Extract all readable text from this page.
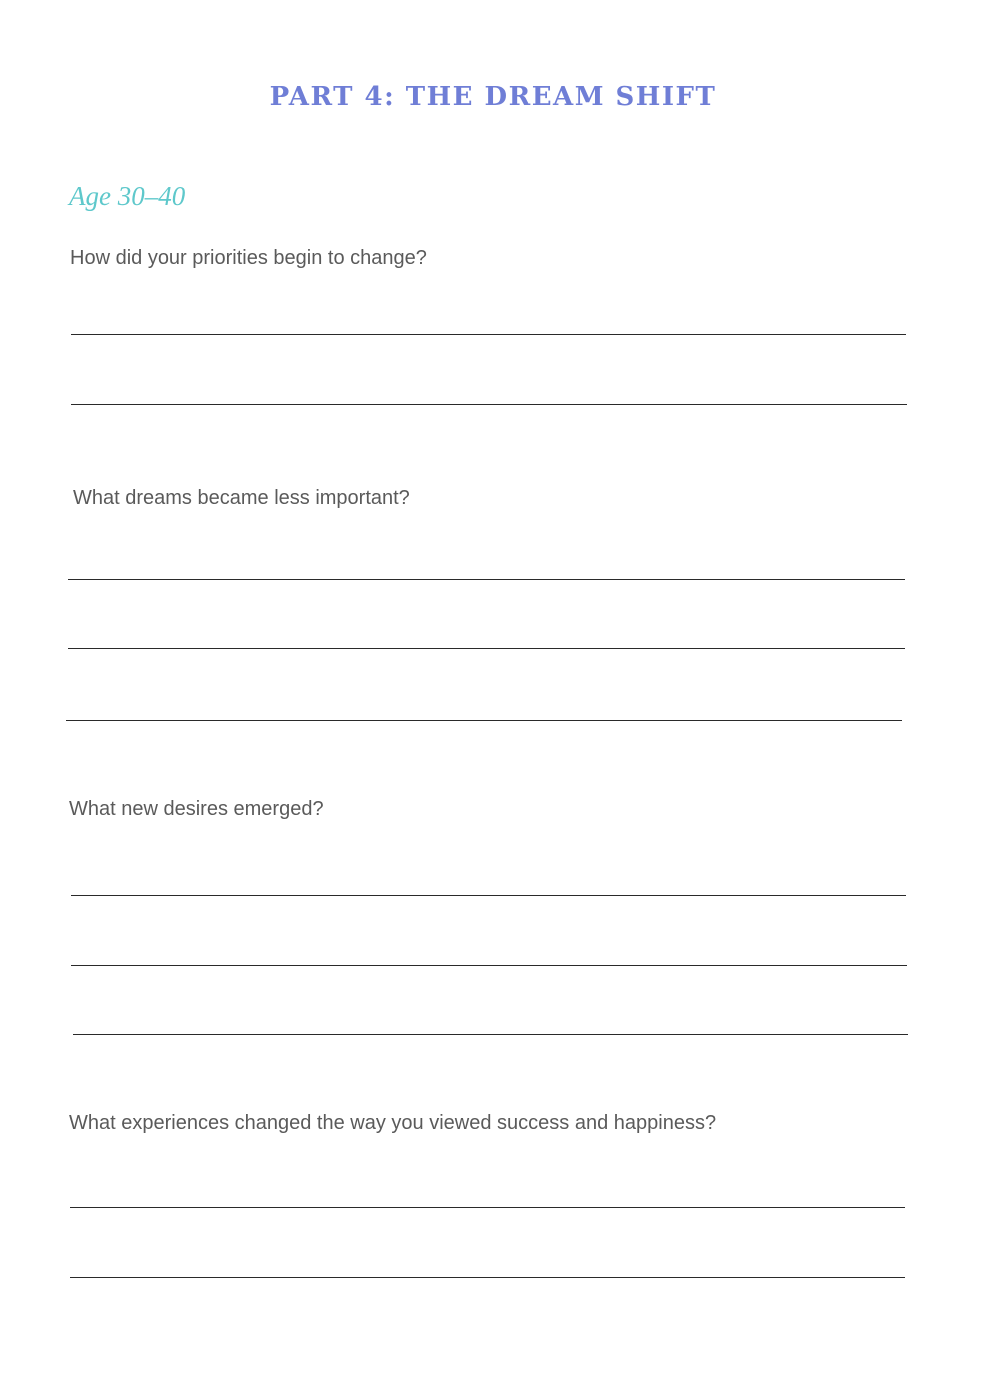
PART 4: THE DREAM SHIFT
Age 30–40
How did your priorities begin to change?
What dreams became less important?
What new desires emerged?
What experiences changed the way you viewed success and happiness?
